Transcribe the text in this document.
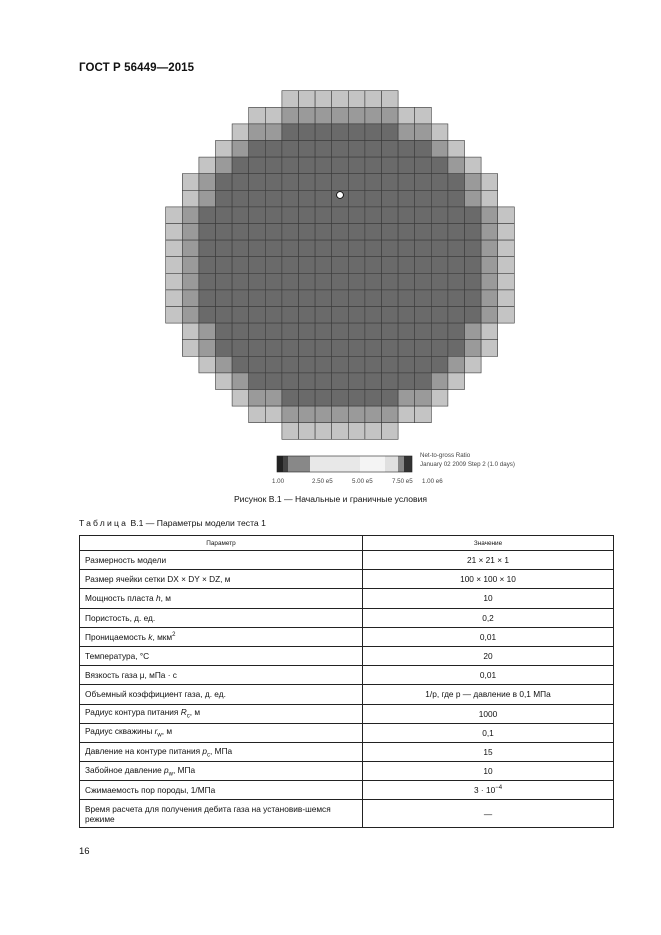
ГОСТ Р 56449—2015
Net-to-gross Ratio
January 02 2009 Step 2 (1.0 days)
1.00	2.50 e5	5.00 e5	7.50 e5 1.00 e6
Рисунок В.1 — Начальные и граничные условия
Таблица В.1 — Параметры модели теста 1
Параметр	Значение
Размерность модели	21 × 21 × 1
Размер ячейки сетки DX × DY × DZ, м	100 × 100 × 10
Мощность пласта h, м	10
Пористость, д. ед.	0,2
Проницаемость k, мкм$^2$	0,01
Температура, °С	20
Вязкость газа μ, мПа · с	0,01
Объемный коэффициент газа, д. ед.	1/p, где p — давление в 0,1 МПа
Радиус контура питания $R_c$, м	1000
Радиус скважины $r_w$, м	0,1
Давление на контуре питания $p_c$, МПа	15
Забойное давление $p_w$, МПа	10
Сжимаемость пор породы, 1/МПа	$3 \cdot 10^{-4}$
Время расчета для получения дебита газа на установив-шемся режиме	—
16
